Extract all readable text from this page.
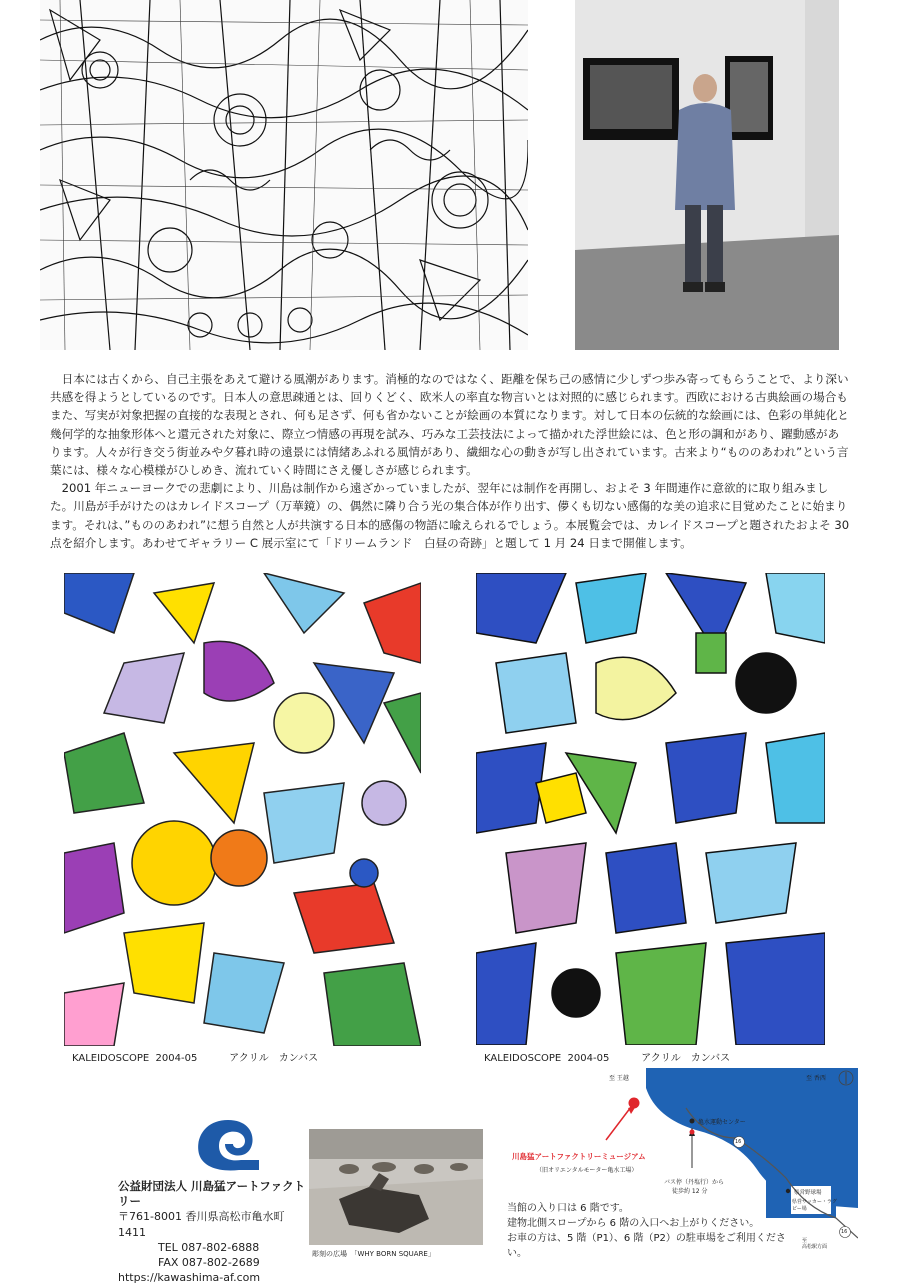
日本には古くから、自己主張をあえて避ける風潮があります。消極的なのではなく、距離を保ち己の感情に少しずつ歩み寄ってもらうことで、より深い共感を得ようとしているのです。日本人の意思疎通とは、回りくどく、欧米人の率直な物言いとは対照的に感じられます。西欧における古典絵画の場合もまた、写実が対象把握の直接的な表現とされ、何も足さず、何も省かないことが絵画の本質になります。対して日本の伝統的な絵画には、色彩の単純化と幾何学的な抽象形体へと還元された対象に、際立つ情感の再現を試み、巧みな工芸技法によって描かれた浮世絵には、色と形の調和があり、躍動感があります。人々が行き交う街並みや夕暮れ時の遠景には情緒あふれる風情があり、繊細な心の動きが写し出されています。古来より“もののあわれ”という言葉には、様々な心模様がひしめき、流れていく時間にさえ優しさが感じられます。

2001 年ニューヨークでの悲劇により、川島は制作から遠ざかっていましたが、翌年には制作を再開し、およそ 3 年間連作に意欲的に取り組みました。川島が手がけたのはカレイドスコープ（万華鏡）の、偶然に隣り合う光の集合体が作り出す、儚くも切ない感傷的な美の追求に目覚めたことに始まります。それは、”もののあわれ”に想う自然と人が共演する日本的感傷の物語に喩えられるでしょう。本展覧会では、カレイドスコープと題されたおよそ 30 点を紹介します。あわせてギャラリー C 展示室にて「ドリームランド　白昼の奇跡」と題して 1 月 24 日まで開催します。

KALEIDOSCOPE  2004-05          アクリル　カンバス	KALEIDOSCOPE  2004-05          アクリル　カンバス
公益財団法人 川島猛アートファクトリー
〒761-8001 香川県高松市亀水町 1411
TEL 087-802-6888
FAX 087-802-2689
https://kawashima-af.com
彫刻の広場　「WHY BORN SQUARE」
至 王越
亀水運動センター
川島猛アートファクトリーミュージアム
（旧オリエンタルモーター亀水工場）
バス停（丹塩行）から
徒歩約 12 分	県営野球場
県営サッカー・ラグビー場
16
16
至 香西
至
高松駅方面
当館の入り口は 6 階です。
建物北側スロープから 6 階の入口へお上がりください。
お車の方は、5 階（P1）、6 階（P2）の駐車場をご利用ください。
